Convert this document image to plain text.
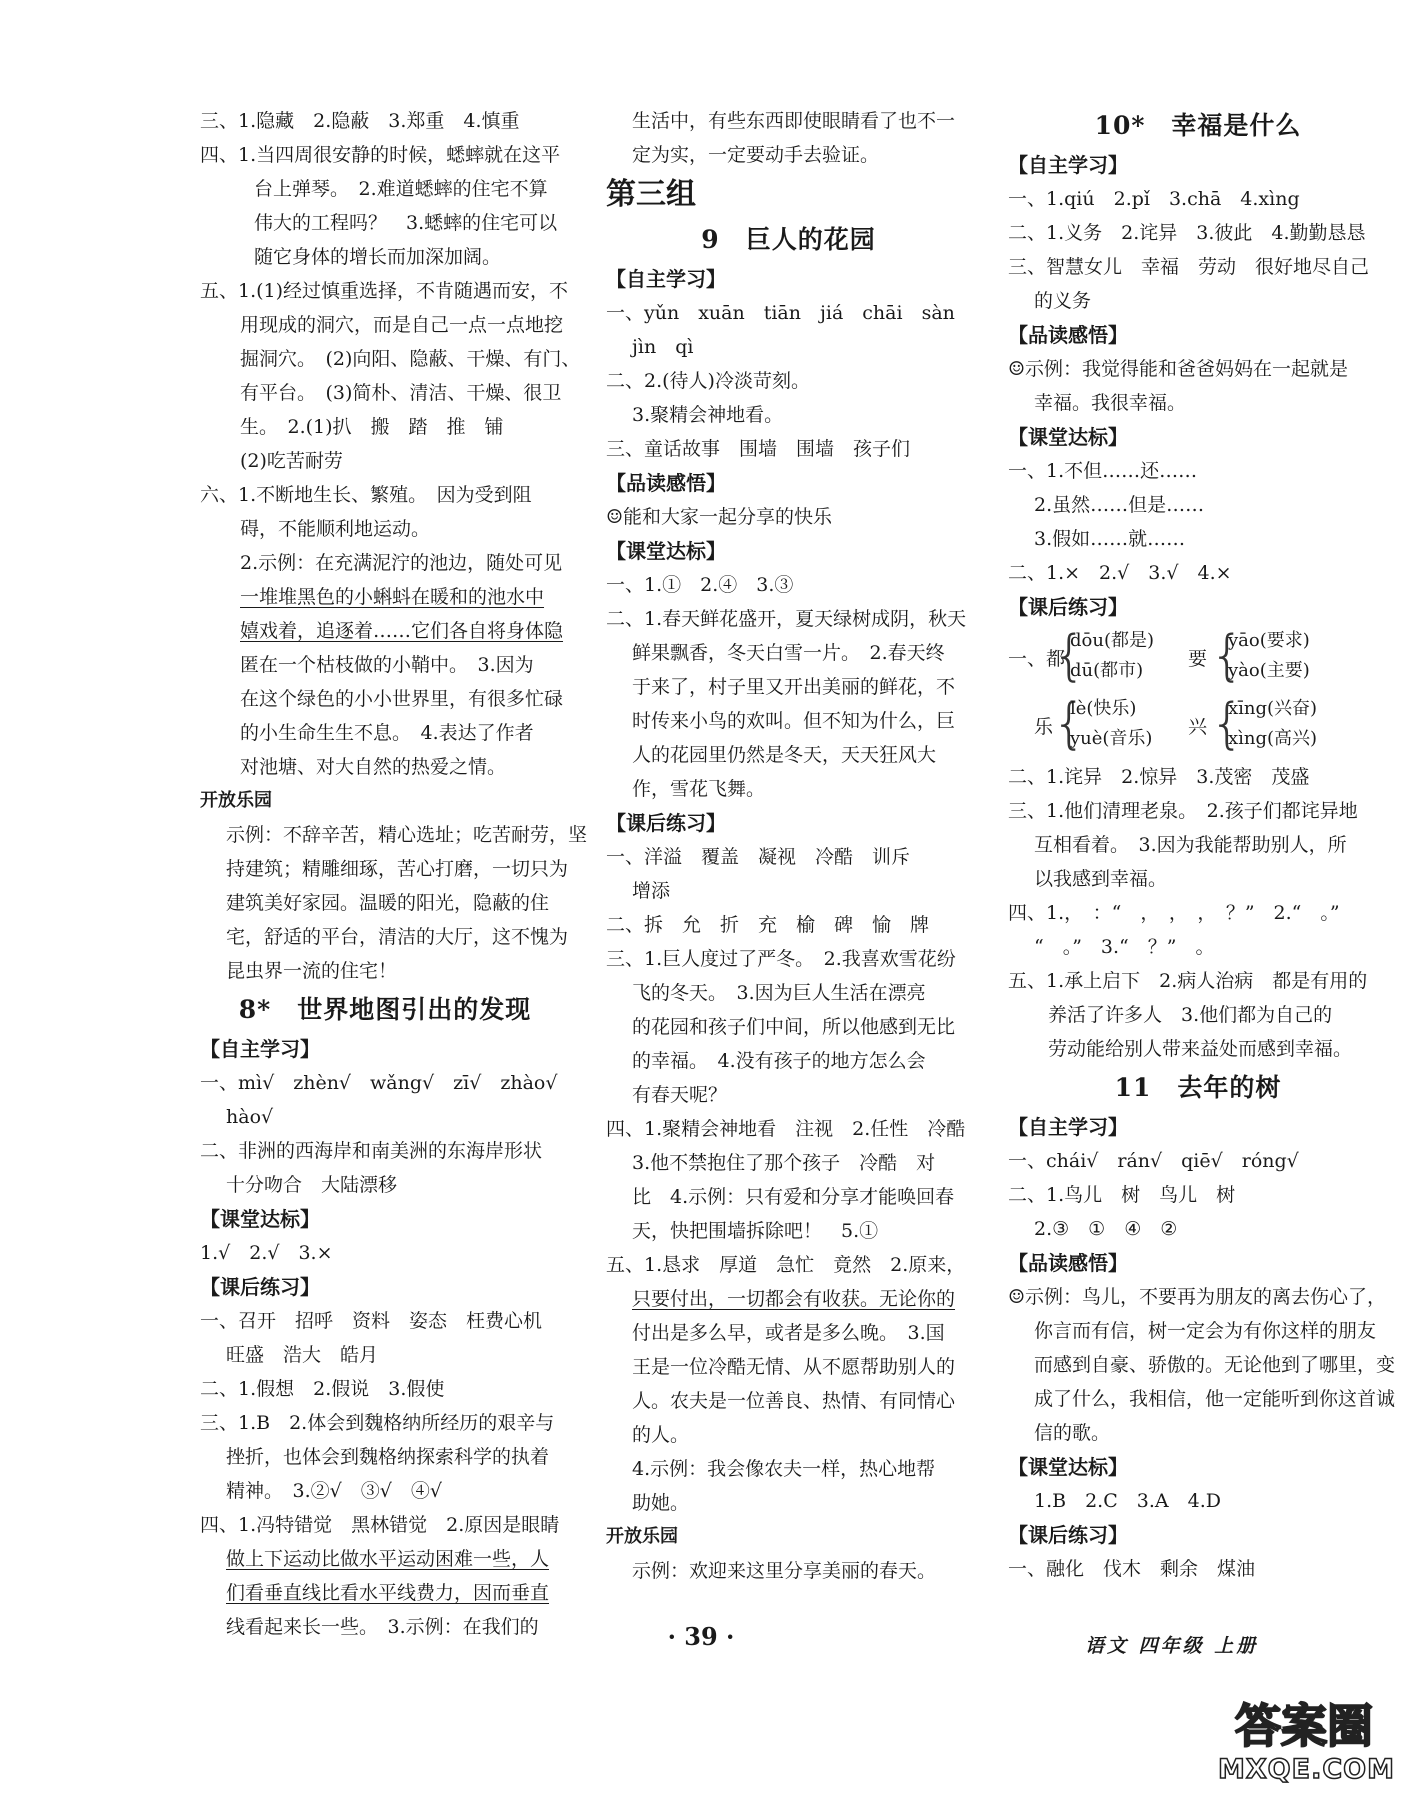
三、1.隐藏　2.隐蔽　3.郑重　4.慎重
四、1.当四周很安静的时候，蟋蟀就在这平
台上弹琴。　2.难道蟋蟀的住宅不算
伟大的工程吗？　3.蟋蟀的住宅可以
随它身体的增长而加深加阔。
五、1.(1)经过慎重选择，不肯随遇而安，不
用现成的洞穴，而是自己一点一点地挖
掘洞穴。　(2)向阳、隐蔽、干燥、有门、
有平台。　(3)简朴、清洁、干燥、很卫
生。　2.(1)扒　搬　踏　推　铺
(2)吃苦耐劳
六、1.不断地生长、繁殖。　因为受到阻
碍，不能顺利地运动。
2.示例：在充满泥泞的池边，随处可见
一堆堆黑色的小蝌蚪在暖和的池水中
嬉戏着，追逐着……它们各自将身体隐
匿在一个枯枝做的小鞘中。　3.因为
在这个绿色的小小世界里，有很多忙碌
的小生命生生不息。　4.表达了作者
对池塘、对大自然的热爱之情。
开放乐园
示例：不辞辛苦，精心选址；吃苦耐劳，坚
持建筑；精雕细琢，苦心打磨，一切只为
建筑美好家园。温暖的阳光，隐蔽的住
宅，舒适的平台，清洁的大厅，这不愧为
昆虫界一流的住宅！
8*　世界地图引出的发现
【自主学习】
一、mì√　zhèn√　wǎng√　zī√　zhào√
hào√
二、非洲的西海岸和南美洲的东海岸形状
十分吻合　大陆漂移
【课堂达标】
1.√　2.√　3.×
【课后练习】
一、召开　招呼　资料　姿态　枉费心机
旺盛　浩大　皓月
二、1.假想　2.假说　3.假使
三、1.B　2.体会到魏格纳所经历的艰辛与
挫折，也体会到魏格纳探索科学的执着
精神。　3.②√　③√　④√
四、1.冯特错觉　黑林错觉　2.原因是眼睛
做上下运动比做水平运动困难一些，人
们看垂直线比看水平线费力，因而垂直
线看起来长一些。　3.示例：在我们的
生活中，有些东西即使眼睛看了也不一
定为实，一定要动手去验证。
第三组
9　巨人的花园
【自主学习】
一、yǔn　xuān　tiān　jiá　chāi　sàn
jìn　qì
二、2.(待人)冷淡苛刻。
3.聚精会神地看。
三、童话故事　围墙　围墙　孩子们
【品读感悟】
☺能和大家一起分享的快乐
【课堂达标】
一、1.①　2.④　3.③
二、1.春天鲜花盛开，夏天绿树成阴，秋天
鲜果飘香，冬天白雪一片。　2.春天终
于来了，村子里又开出美丽的鲜花，不
时传来小鸟的欢叫。但不知为什么，巨
人的花园里仍然是冬天，天天狂风大
作，雪花飞舞。
【课后练习】
一、洋溢　覆盖　凝视　冷酷　训斥
增添
二、拆　允　折　充　榆　碑　愉　牌
三、1.巨人度过了严冬。　2.我喜欢雪花纷
飞的冬天。　3.因为巨人生活在漂亮
的花园和孩子们中间，所以他感到无比
的幸福。　4.没有孩子的地方怎么会
有春天呢？
四、1.聚精会神地看　注视　2.任性　冷酷
3.他不禁抱住了那个孩子　冷酷　对
比　4.示例：只有爱和分享才能唤回春
天，快把围墙拆除吧！　5.①
五、1.恳求　厚道　急忙　竟然　2.原来，
只要付出，一切都会有收获。无论你的
付出是多么早，或者是多么晚。　3.国
王是一位冷酷无情、从不愿帮助别人的
人。农夫是一位善良、热情、有同情心
的人。
4.示例：我会像农夫一样，热心地帮
助她。
开放乐园
示例：欢迎来这里分享美丽的春天。
10*　幸福是什么
【自主学习】
一、1.qiú　2.pǐ　3.chā　4.xìng
二、1.义务　2.诧异　3.彼此　4.勤勤恳恳
三、智慧女儿　幸福　劳动　很好地尽自己
的义务
【品读感悟】
☺示例：我觉得能和爸爸妈妈在一起就是
幸福。我很幸福。
【课堂达标】
一、1.不但……还……
2.虽然……但是……
3.假如……就……
二、1.×　2.√　3.√　4.×
【课后练习】
一、都
{
dōu(都是)
dū(都市)
要 {
yāo(要求)
yào(主要)
乐
{
lè(快乐)
yuè(音乐)
兴 {
xīng(兴奋)
xìng(高兴)
二、1.诧异　2.惊异　3.茂密　茂盛
三、1.他们清理老泉。　2.孩子们都诧异地
互相看着。　3.因为我能帮助别人，所
以我感到幸福。
四、1.，　：“　，　，　，　？”　2.“　。”
“　。”　3.“　？”　。
五、1.承上启下　2.病人治病　都是有用的
养活了许多人　3.他们都为自己的
劳动能给别人带来益处而感到幸福。
11　去年的树
【自主学习】
一、chái√　rán√　qiē√　róng√
二、1.鸟儿　树　鸟儿　树
2.③　①　④　②
【品读感悟】
☺示例：鸟儿，不要再为朋友的离去伤心了，
你言而有信，树一定会为有你这样的朋友
而感到自豪、骄傲的。无论他到了哪里，变
成了什么，我相信，他一定能听到你这首诚
信的歌。
【课堂达标】
1.B　2.C　3.A　4.D
【课后练习】
一、融化　伐木　剩余　煤油
· 39 ·	语文 四年级 上册
答案圈
MXQE.COM
